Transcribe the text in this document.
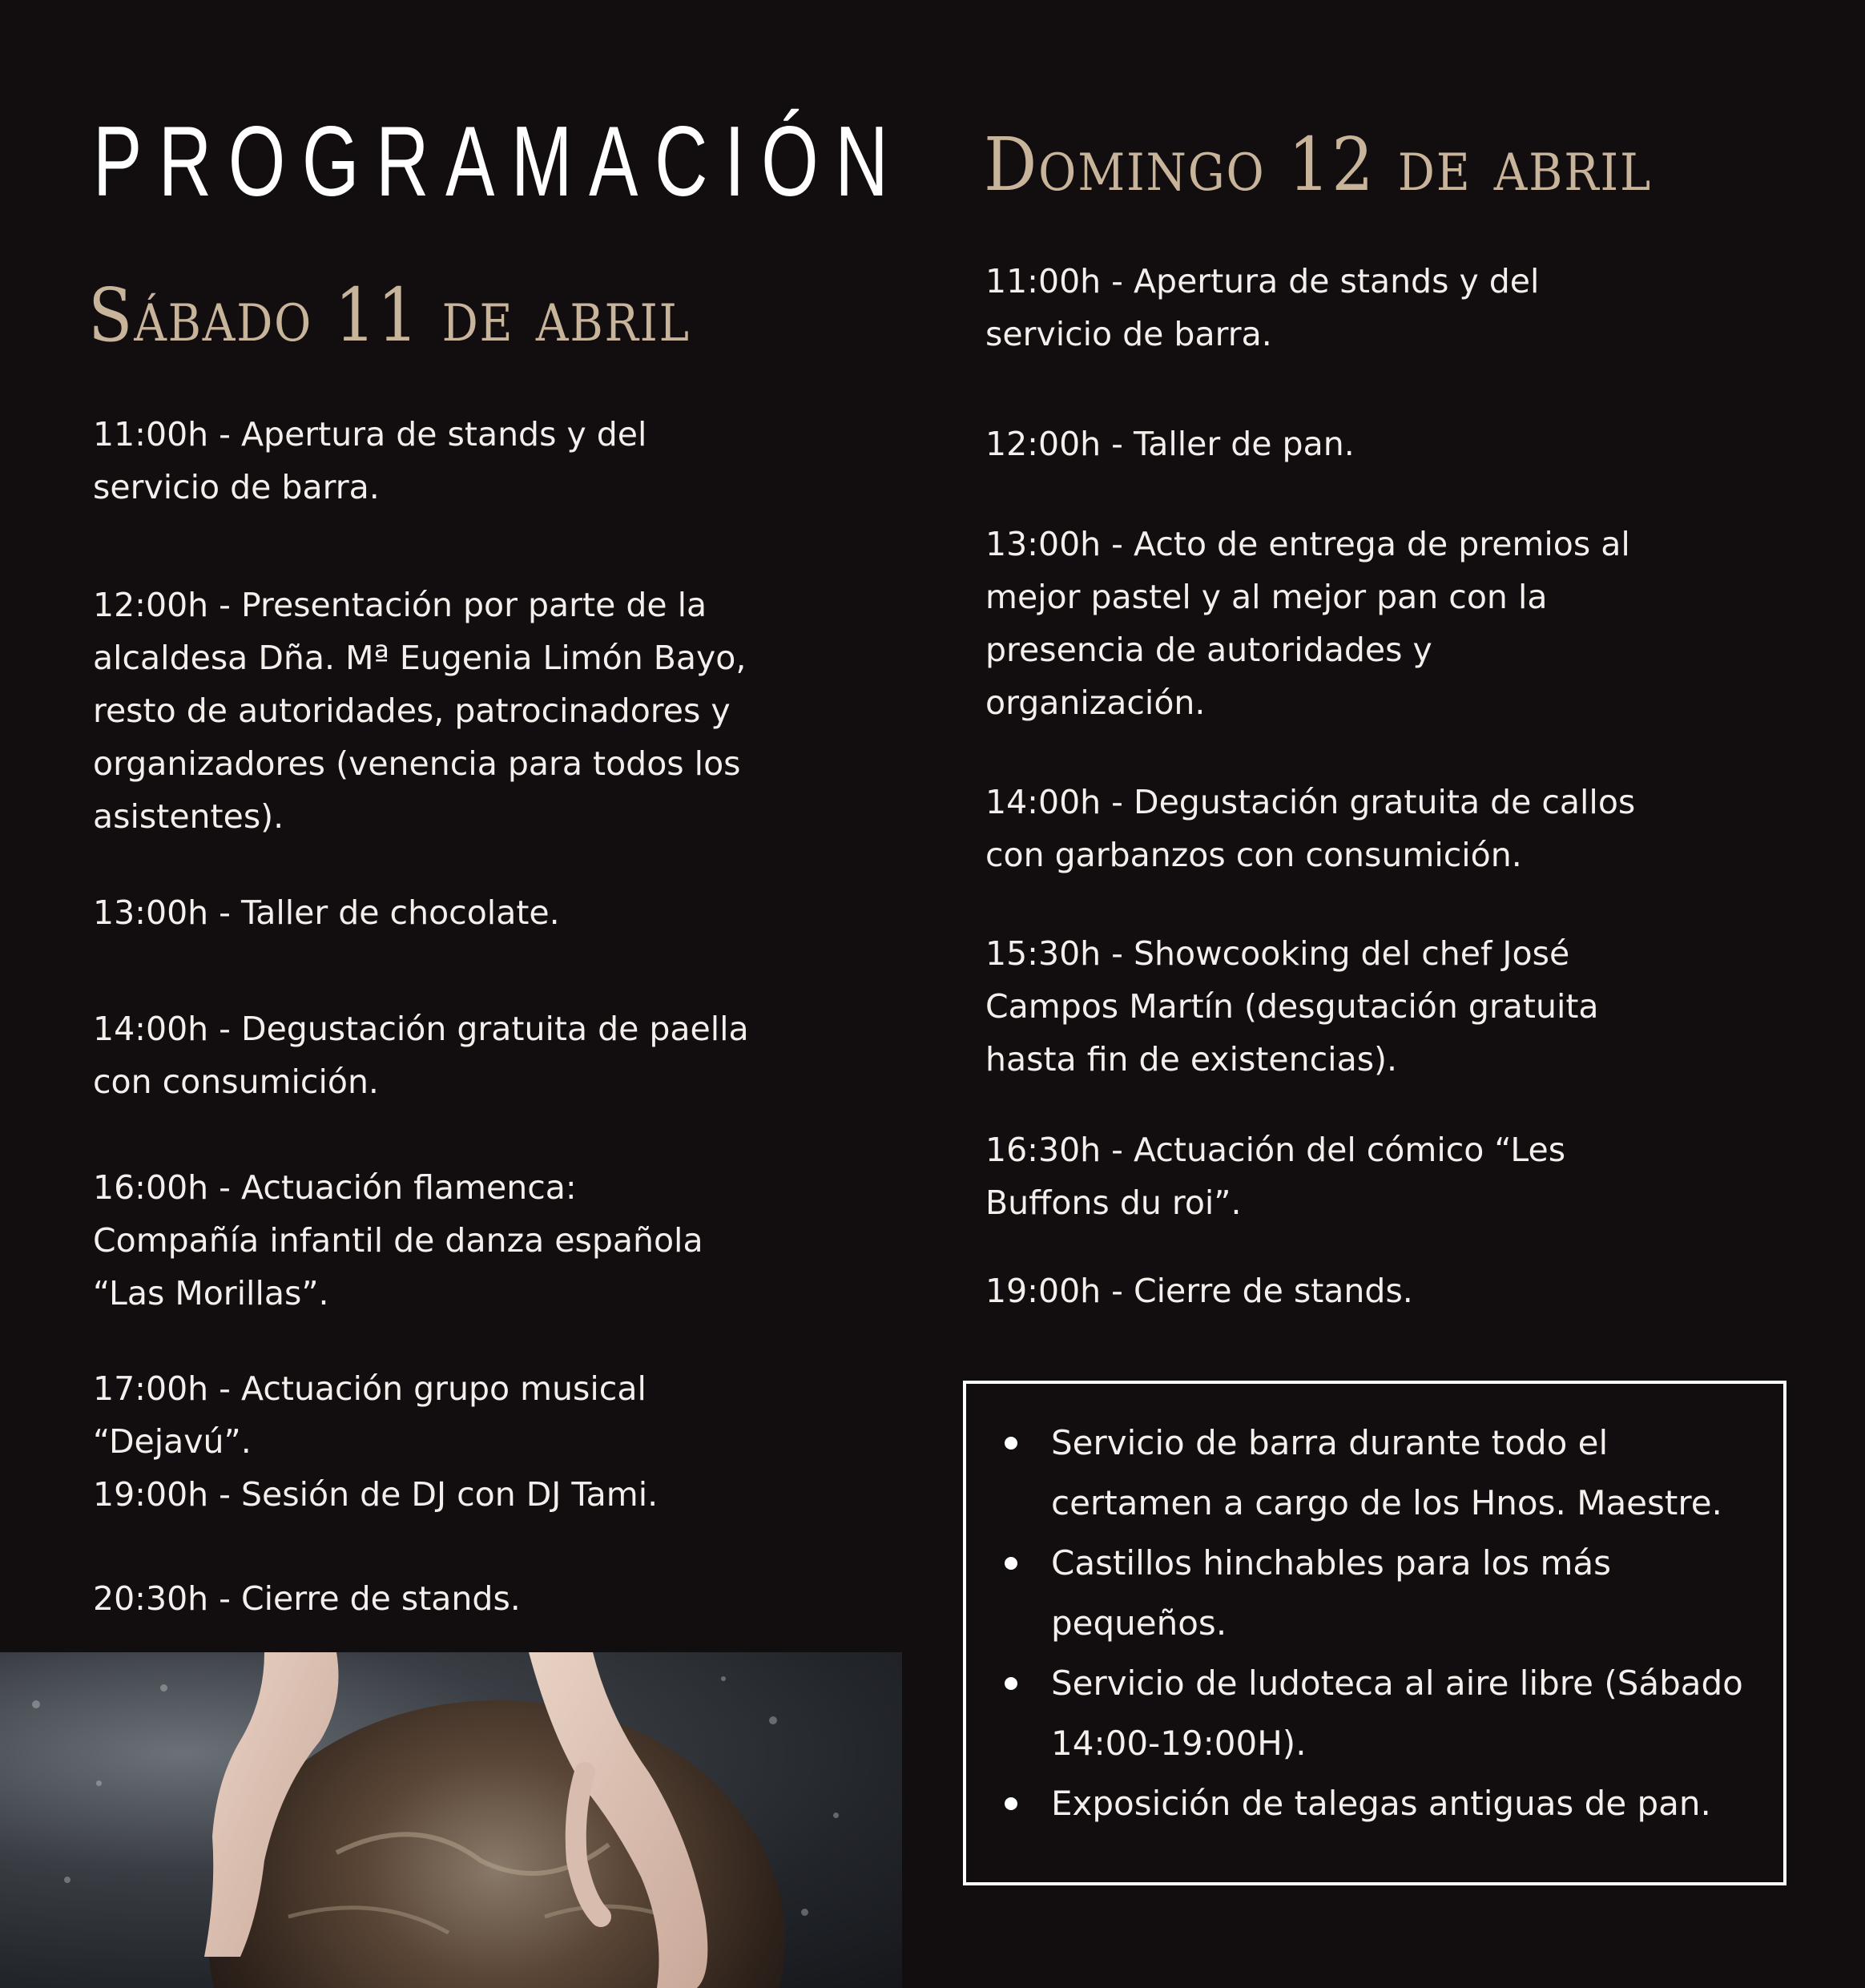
PROGRAMACIÓN
Sábado 11 de abril

11:00h - Apertura de stands y del
servicio de barra.

12:00h - Presentación por parte de la
alcaldesa Dña. Mª Eugenia Limón Bayo,
resto de autoridades, patrocinadores y
organizadores (venencia para todos los
asistentes).

13:00h - Taller de chocolate.

14:00h - Degustación gratuita de paella
con consumición.

16:00h - Actuación flamenca:
Compañía infantil de danza española
“Las Morillas”.

17:00h - Actuación grupo musical “Dejavú”.

19:00h - Sesión de DJ con DJ Tami.

20:30h - Cierre de stands.

Domingo 12 de abril

11:00h - Apertura de stands y del
servicio de barra.

12:00h - Taller de pan.

13:00h - Acto de entrega de premios al
mejor pastel y al mejor pan con la
presencia de autoridades y
organización.

14:00h - Degustación gratuita de callos
con garbanzos con consumición.

15:30h - Showcooking del chef José
Campos Martín (desgutación gratuita
hasta fin de existencias).

16:30h - Actuación del cómico “Les
Buffons du roi”.

19:00h - Cierre de stands.

Servicio de barra durante todo el certamen a cargo de los Hnos. Maestre.
Castillos hinchables para los más pequeños.
Servicio de ludoteca al aire libre (Sábado 14:00-19:00H).
Exposición de talegas antiguas de pan.
